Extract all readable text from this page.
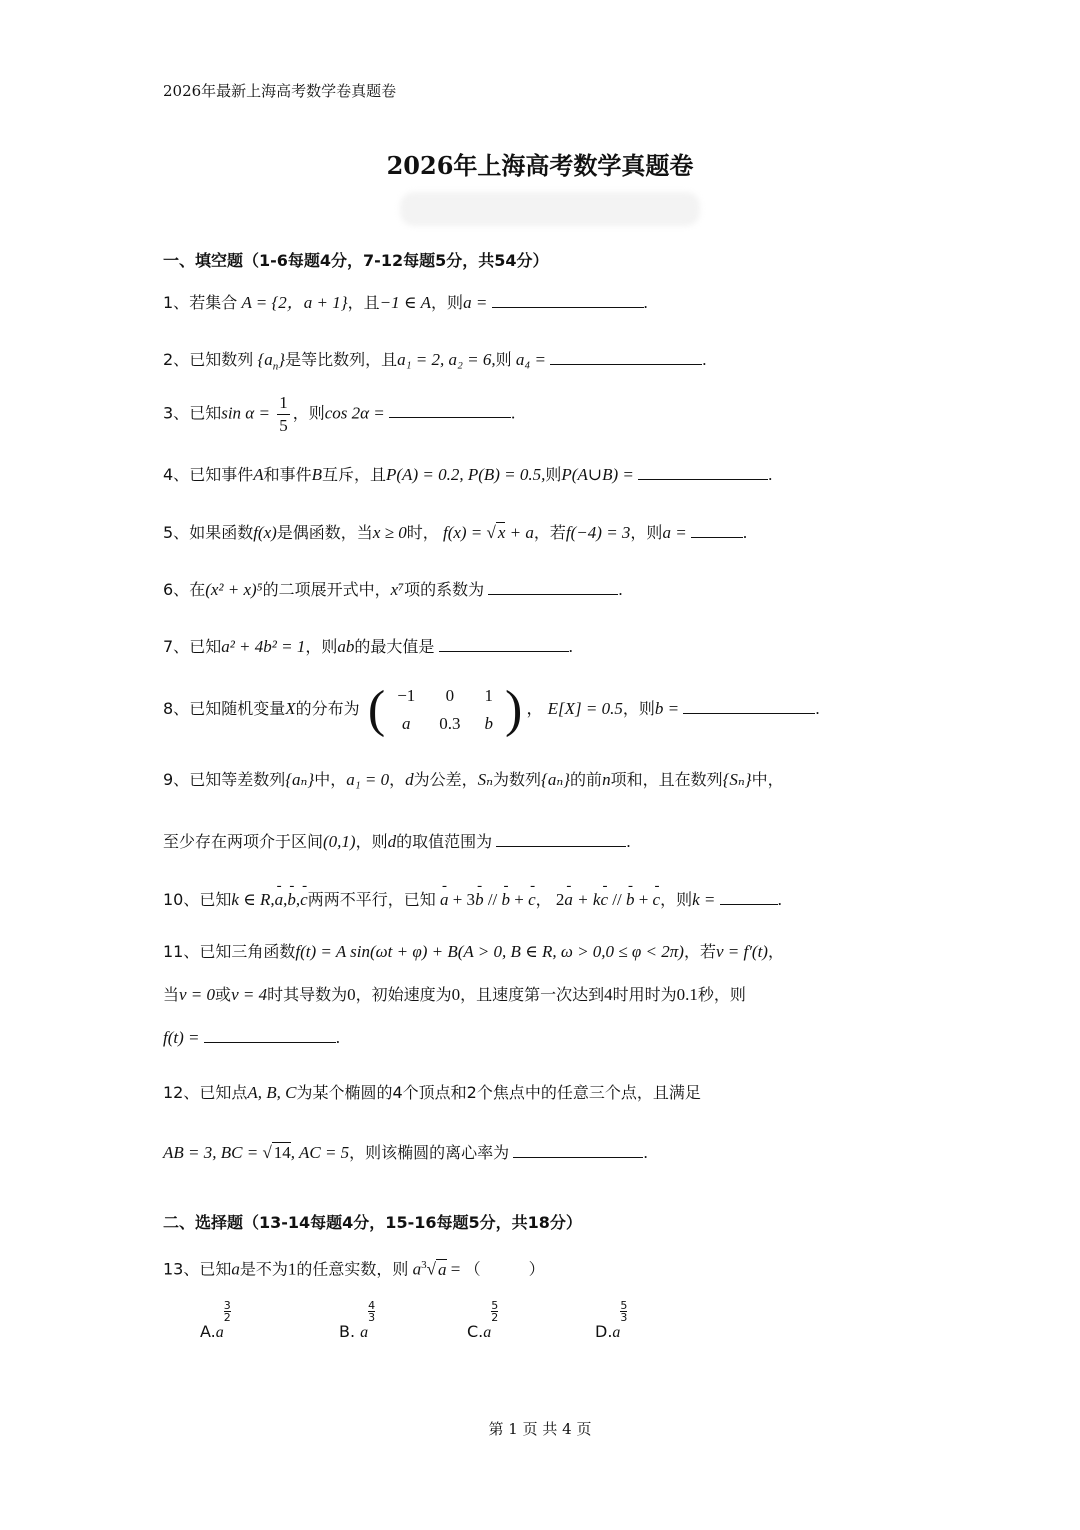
2026年最新上海高考数学卷真题卷
2026年上海高考数学真题卷
一、填空题（1-6每题4分，7-12每题5分，共54分）
1、若集合 A = {2，a + 1}，且−1 ∈ A，则a =	.
2、已知数列 $\{a_n\}$是等比数列，且a₁ = 2, a₂ = 6,则 a₄ =	.
3、已知$\sin \alpha = \frac{1}{5}$ ，则cos 2α =	.
4、已知事件A和事件B互斥，且P(A) = 0.2, P(B) = 0.5,则P(A∪B) =	.
5、如果函数f(x)是偶函数，当x ≥ 0时， f(x) = √ x + a，若f(−4) = 3，则a =	.
6、在(x² + x)⁵的二项展开式中，x⁷项的系数为	.
7、已知a² + 4b² = 1，则ab的最大值是	.
8、已知随机变量X的分布为 ( −1	0	1
a	0.3	b ) ， E[X] = 0.5，则b =	.
9、已知等差数列{aₙ}中，a₁ = 0，d为公差，Sₙ为数列{aₙ}的前n项和，且在数列{Sₙ}中，
至少存在两项介于区间(0,1)，则d的取值范围为	.
10、已知k ∈ R,- a,- b,- c两两不平行，已知 - a + 3- b // - b + - c， 2- a + k- c // - b + - c，则k =	.
11、已知三角函数f(t) = A sin(ωt + φ) + B(A > 0, B ∈ R, ω > 0,0 ≤ φ < 2π)，若v = f′(t)，
当v = 0或v = 4时其导数为0，初始速度为0，且速度第一次达到4时用时为0.1秒，则
f(t) =	.
12、已知点A, B, C为某个椭圆的4个顶点和2个焦点中的任意三个点，且满足
AB = 3, BC = √ 14, AC = 5，则该椭圆的离心率为	.
二、选择题（13-14每题4分，15-16每题5分，共18分）
13、已知a是不为1的任意实数，则 $a^3√$ a = （　　　）
A.a
$\frac{3}{2}$
B. a
$\frac{4}{3}$
C.a
$\frac{5}{2}$
D.a
$\frac{5}{3}$
第 1 页 共 4 页
